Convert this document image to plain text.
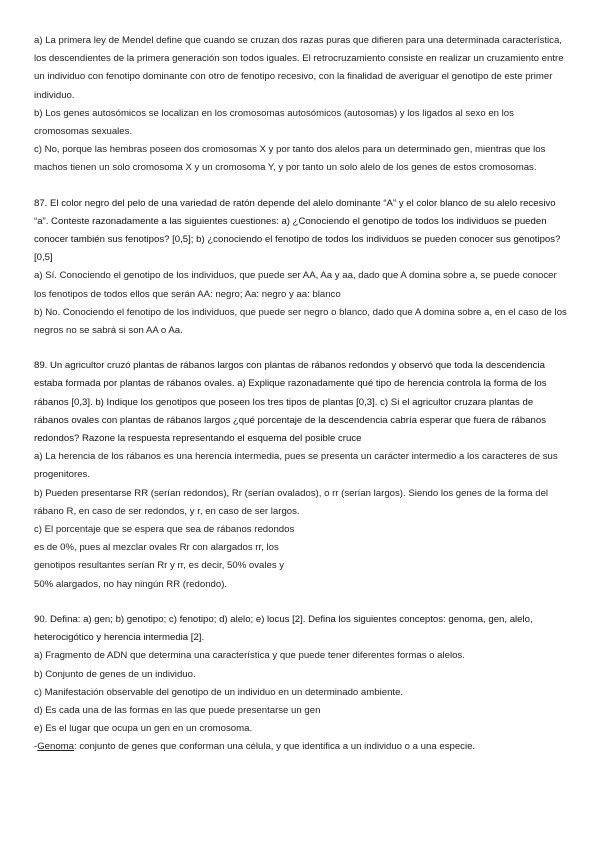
a) La primera ley de Mendel define que cuando se cruzan dos razas puras que difieren para una determinada característica, los descendientes de la primera generación son todos iguales. El retrocruzamiento consiste en realizar un cruzamiento entre un individuo con fenotipo dominante con otro de fenotipo recesivo, con la finalidad de averiguar el genotipo de este primer individuo.

b) Los genes autosómicos se localizan en los cromosomas autosómicos (autosomas) y los ligados al sexo en los cromosomas sexuales.

c) No, porque las hembras poseen dos cromosomas X y por tanto dos alelos para un determinado gen, mientras que los machos tienen un solo cromosoma X y un cromosoma Y, y por tanto un solo alelo de los genes de estos cromosomas.

87. El color negro del pelo de una variedad de ratón depende del alelo dominante “A” y el color blanco de su alelo recesivo “a”. Conteste razonadamente a las siguientes cuestiones: a) ¿Conociendo el genotipo de todos los individuos se pueden conocer también sus fenotipos? [0,5]; b) ¿conociendo el fenotipo de todos los individuos se pueden conocer sus genotipos? [0,5]

a) Sí. Conociendo el genotipo de los individuos, que puede ser AA, Aa y aa, dado que A domina sobre a, se puede conocer los fenotipos de todos ellos que serán AA: negro; Aa: negro y aa: blanco

b) No. Conociendo el fenotipo de los individuos, que puede ser negro o blanco, dado que A domina sobre a, en el caso de los negros no se sabrá si son AA o Aa.

89. Un agricultor cruzó plantas de rábanos largos con plantas de rábanos redondos y observó que toda la descendencia estaba formada por plantas de rábanos ovales. a) Explique razonadamente qué tipo de herencia controla la forma de los rábanos [0,3]. b) Indique los genotipos que poseen los tres tipos de plantas [0,3]. c) Si el agricultor cruzara plantas de rábanos ovales con plantas de rábanos largos ¿qué porcentaje de la descendencia cabría esperar que fuera de rábanos redondos? Razone la respuesta representando el esquema del posible cruce

a) La herencia de los rábanos es una herencia intermedia, pues se presenta un carácter intermedio a los caracteres de sus progenitores.

b) Pueden presentarse RR (serían redondos), Rr (serían ovalados), o rr (serían largos). Siendo los genes de la forma del rábano R, en caso de ser redondos, y r, en caso de ser largos.

c) El porcentaje que se espera que sea de rábanos redondos

es de 0%, pues al mezclar ovales Rr con alargados rr, los

genotipos resultantes serían Rr y rr, es decir, 50% ovales y

50% alargados, no hay ningún RR (redondo).

90. Defina: a) gen; b) genotipo; c) fenotipo; d) alelo; e) locus [2]. Defina los siguientes conceptos: genoma, gen, alelo, heterocigótico y herencia intermedia [2].

a) Fragmento de ADN que determina una característica y que puede tener diferentes formas o alelos.

b) Conjunto de genes de un individuo.

c) Manifestación observable del genotipo de un individuo en un determinado ambiente.

d) Es cada una de las formas en las que puede presentarse un gen

e) Es el lugar que ocupa un gen en un cromosoma.

-Genoma: conjunto de genes que conforman una célula, y que identifica a un individuo o a una especie.
